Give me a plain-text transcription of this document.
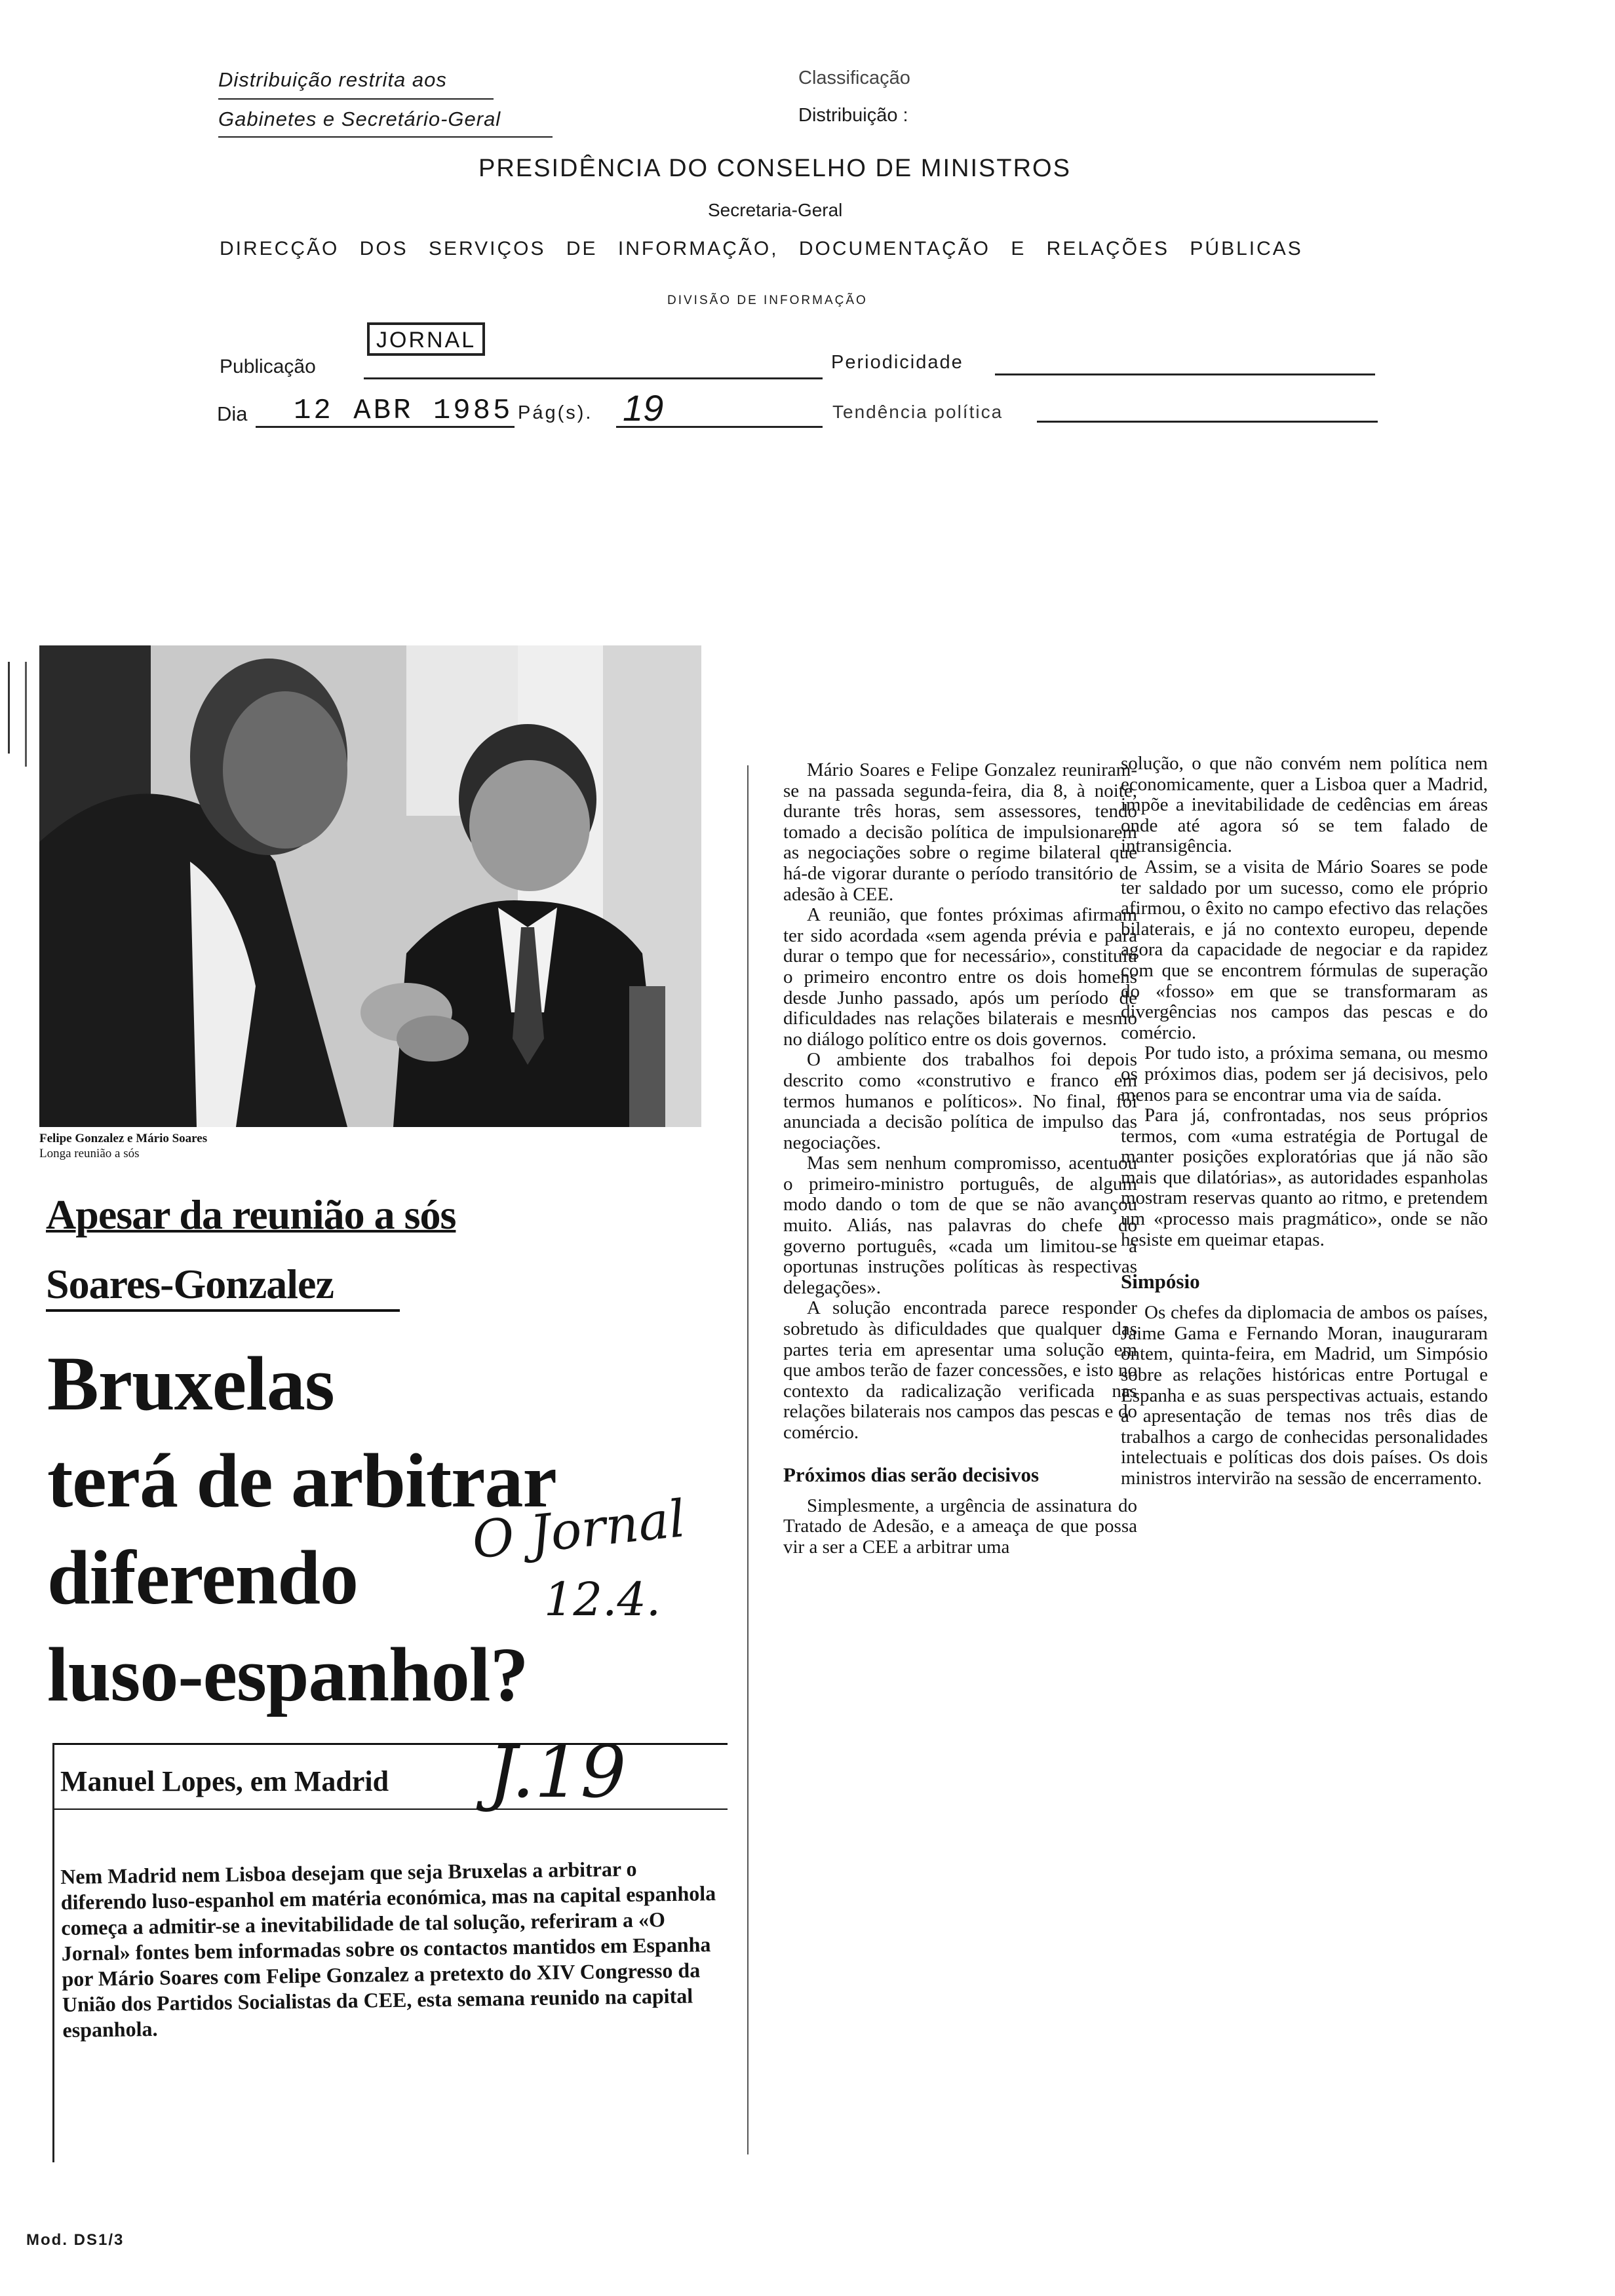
Distribuição restrita aos
Gabinetes e Secretário-Geral
Classificação
Distribuição :
PRESIDÊNCIA DO CONSELHO DE MINISTROS
Secretaria-Geral
DIRECÇÃO DOS SERVIÇOS DE INFORMAÇÃO, DOCUMENTAÇÃO E RELAÇÕES PÚBLICAS
DIVISÃO DE INFORMAÇÃO
Publicação
JORNAL
Periodicidade
Dia 12 ABR 1985 Pág(s). 19	Tendência política
Felipe Gonzalez e Mário Soares
Longa reunião a sós
Apesar da reunião a sós
Soares-Gonzalez
Bruxelas
terá de arbitrar
diferendo
luso-espanhol?
Manuel Lopes, em Madrid
Nem Madrid nem Lisboa desejam que seja Bruxelas a arbitrar o diferendo luso-espanhol em matéria económica, mas na capital espanhola começa a admitir-se a inevitabilidade de tal solução, referiram a «O Jornal» fontes bem informadas sobre os contactos mantidos em Espanha por Mário Soares com Felipe Gonzalez a pretexto do XIV Congresso da União dos Partidos Socialistas da CEE, esta semana reunido na capital espanhola.

Mário Soares e Felipe Gonzalez reuniram-se na passada segunda-feira, dia 8, à noite, durante três horas, sem assessores, tendo tomado a decisão política de impulsionarem as negociações sobre o regime bilateral que há-de vigorar durante o período transitório de adesão à CEE.

A reunião, que fontes próximas afirmam ter sido acordada «sem agenda prévia e para durar o tempo que for necessário», constituiu o primeiro encontro entre os dois homens desde Junho passado, após um período de dificuldades nas relações bilaterais e mesmo no diálogo político entre os dois governos.

O ambiente dos trabalhos foi depois descrito como «construtivo e franco em termos humanos e políticos». No final, foi anunciada a decisão política de impulso das negociações.

Mas sem nenhum compromisso, acentuou o primeiro-ministro português, de algum modo dando o tom de que se não avançou muito. Aliás, nas palavras do chefe do governo português, «cada um limitou-se a oportunas instruções políticas às respectivas delegações».

A solução encontrada parece responder sobretudo às dificuldades que qualquer das partes teria em apresentar uma solução em que ambos terão de fazer concessões, e isto no contexto da radicalização verificada nas relações bilaterais nos campos das pescas e do comércio.

Próximos dias serão decisivos

Simplesmente, a urgência de assinatura do Tratado de Adesão, e a ameaça de que possa vir a ser a CEE a arbitrar uma

solução, o que não convém nem política nem economicamente, quer a Lisboa quer a Madrid, impõe a inevitabilidade de cedências em áreas onde até agora só se tem falado de intransigência.

Assim, se a visita de Mário Soares se pode ter saldado por um sucesso, como ele próprio afirmou, o êxito no campo efectivo das relações bilaterais, e já no contexto europeu, depende agora da capacidade de negociar e da rapidez com que se encontrem fórmulas de superação do «fosso» em que se transformaram as divergências nos campos das pescas e do comércio.

Por tudo isto, a próxima semana, ou mesmo os próximos dias, podem ser já decisivos, pelo menos para se encontrar uma via de saída.

Para já, confrontadas, nos seus próprios termos, com «uma estratégia de Portugal de manter posições exploratórias que já não são mais que dilatórias», as autoridades espanholas mostram reservas quanto ao ritmo, e pretendem um «processo mais pragmático», onde se não hesiste em queimar etapas.

Simpósio

Os chefes da diplomacia de ambos os países, Jaime Gama e Fernando Moran, inauguraram ontem, quinta-feira, em Madrid, um Simpósio sobre as relações históricas entre Portugal e Espanha e as suas perspectivas actuais, estando a apresentação de temas nos três dias de trabalhos a cargo de conhecidas personalidades intelectuais e políticas dos dois países. Os dois ministros intervirão na sessão de encerramento.

O Jornal
12.4.
J.19
Mod. DS1/3
